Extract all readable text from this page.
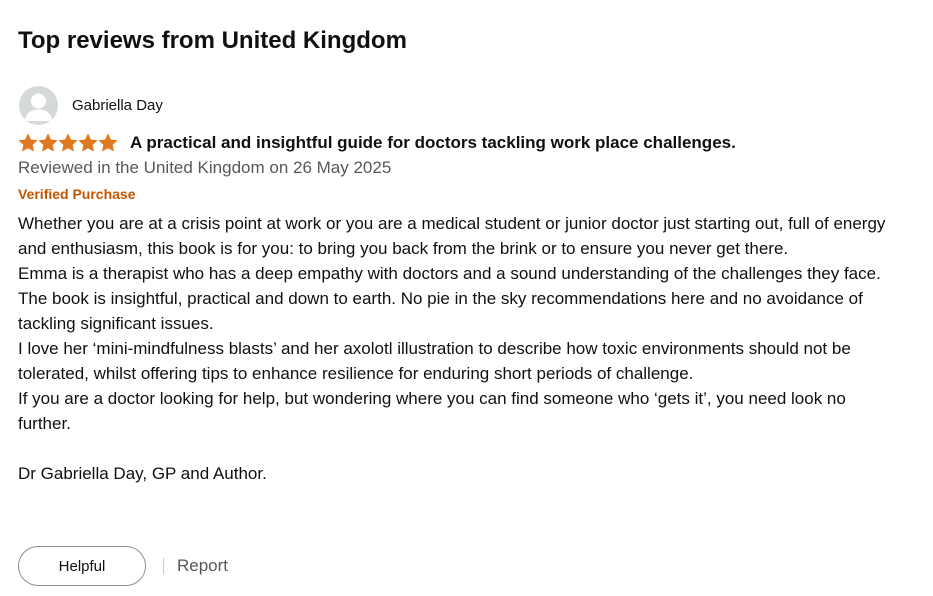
Top reviews from United Kingdom
Gabriella Day
A practical and insightful guide for doctors tackling work place challenges.
Reviewed in the United Kingdom on 26 May 2025
Verified Purchase

Whether you are at a crisis point at work or you are a medical student or junior doctor just starting out, full of energy and enthusiasm, this book is for you: to bring you back from the brink or to ensure you never get there.

Emma is a therapist who has a deep empathy with doctors and a sound understanding of the challenges they face.

The book is insightful, practical and down to earth. No pie in the sky recommendations here and no avoidance of tackling significant issues.

I love her ‘mini-mindfulness blasts’ and her axolotl illustration to describe how toxic environments should not be tolerated, whilst offering tips to enhance resilience for enduring short periods of challenge.

If you are a doctor looking for help, but wondering where you can find someone who ‘gets it’, you need look no further.

Dr Gabriella Day, GP and Author.

Helpful	Report
